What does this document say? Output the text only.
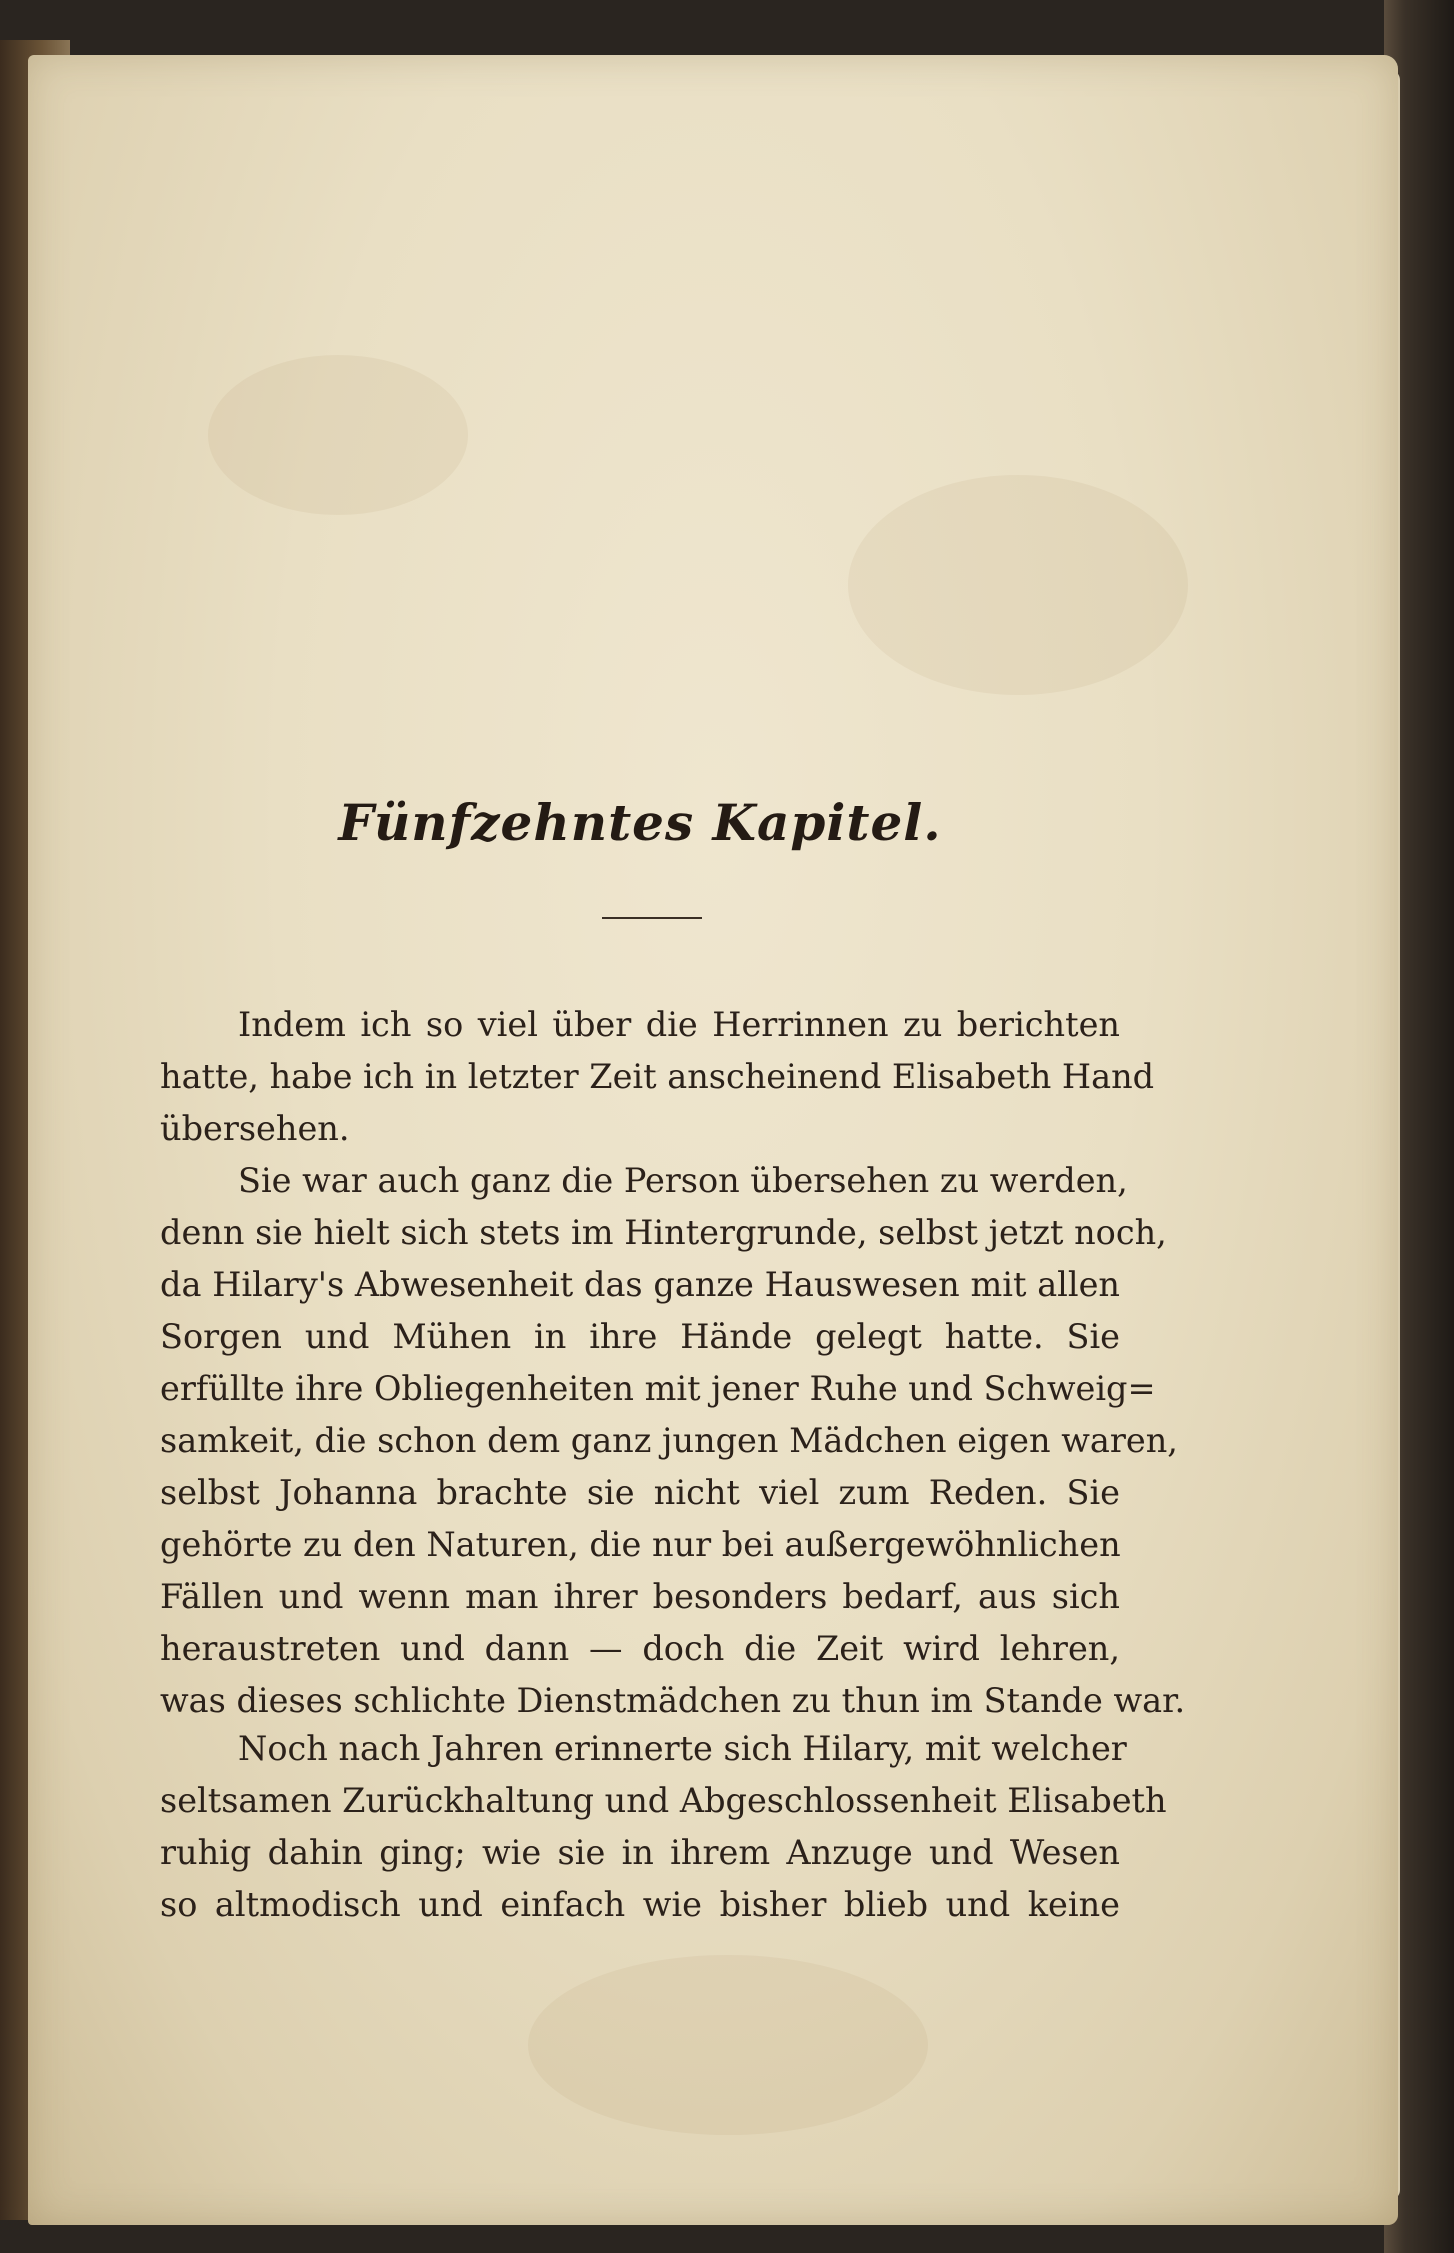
Fünfzehntes Kapitel.
Indem ich so viel über die Herrinnen zu berichten
hatte, habe ich in letzter Zeit anscheinend Elisabeth Hand
übersehen.
Sie war auch ganz die Person übersehen zu werden,
denn sie hielt sich stets im Hintergrunde, selbst jetzt noch,
da Hilary's Abwesenheit das ganze Hauswesen mit allen
Sorgen und Mühen in ihre Hände gelegt hatte. Sie
erfüllte ihre Obliegenheiten mit jener Ruhe und Schweig=
samkeit, die schon dem ganz jungen Mädchen eigen waren,
selbst Johanna brachte sie nicht viel zum Reden. Sie
gehörte zu den Naturen, die nur bei außergewöhnlichen
Fällen und wenn man ihrer besonders bedarf, aus sich
heraustreten und dann — doch die Zeit wird lehren,
was dieses schlichte Dienstmädchen zu thun im Stande war.
Noch nach Jahren erinnerte sich Hilary, mit welcher
seltsamen Zurückhaltung und Abgeschlossenheit Elisabeth
ruhig dahin ging; wie sie in ihrem Anzuge und Wesen
so altmodisch und einfach wie bisher blieb und keine
